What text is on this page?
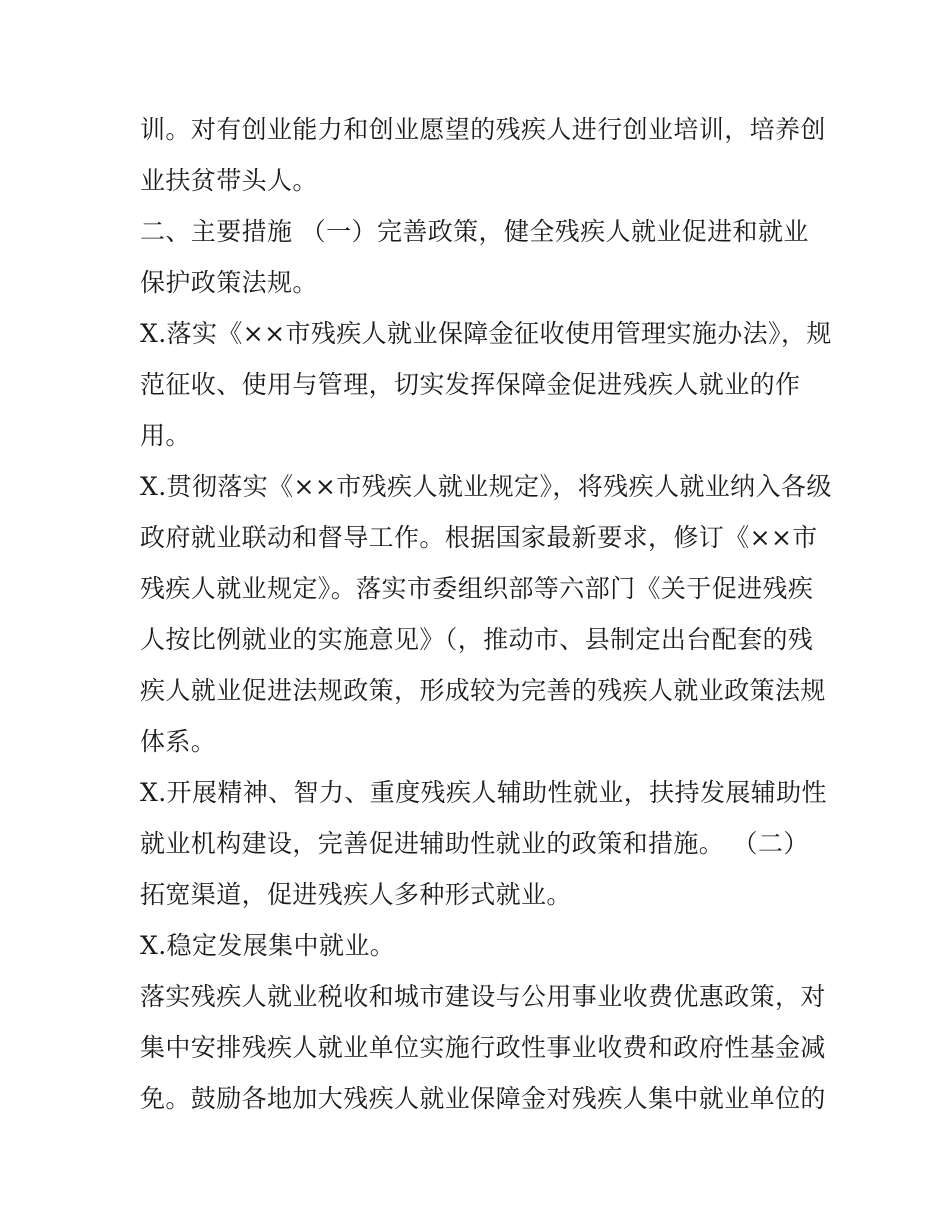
训。对有创业能力和创业愿望的残疾人进行创业培训，培养创
业扶贫带头人。
二、主要措施 （一）完善政策，健全残疾人就业促进和就业
保护政策法规。
X.落实《××市残疾人就业保障金征收使用管理实施办法》，规
范征收、使用与管理，切实发挥保障金促进残疾人就业的作
用。
X.贯彻落实《××市残疾人就业规定》，将残疾人就业纳入各级
政府就业联动和督导工作。根据国家最新要求，修订《××市
残疾人就业规定》。落实市委组织部等六部门《关于促进残疾
人按比例就业的实施意见》（，推动市、县制定出台配套的残
疾人就业促进法规政策，形成较为完善的残疾人就业政策法规
体系。
X.开展精神、智力、重度残疾人辅助性就业，扶持发展辅助性
就业机构建设，完善促进辅助性就业的政策和措施。 （二）
拓宽渠道，促进残疾人多种形式就业。
X.稳定发展集中就业。
落实残疾人就业税收和城市建设与公用事业收费优惠政策，对
集中安排残疾人就业单位实施行政性事业收费和政府性基金减
免。鼓励各地加大残疾人就业保障金对残疾人集中就业单位的
